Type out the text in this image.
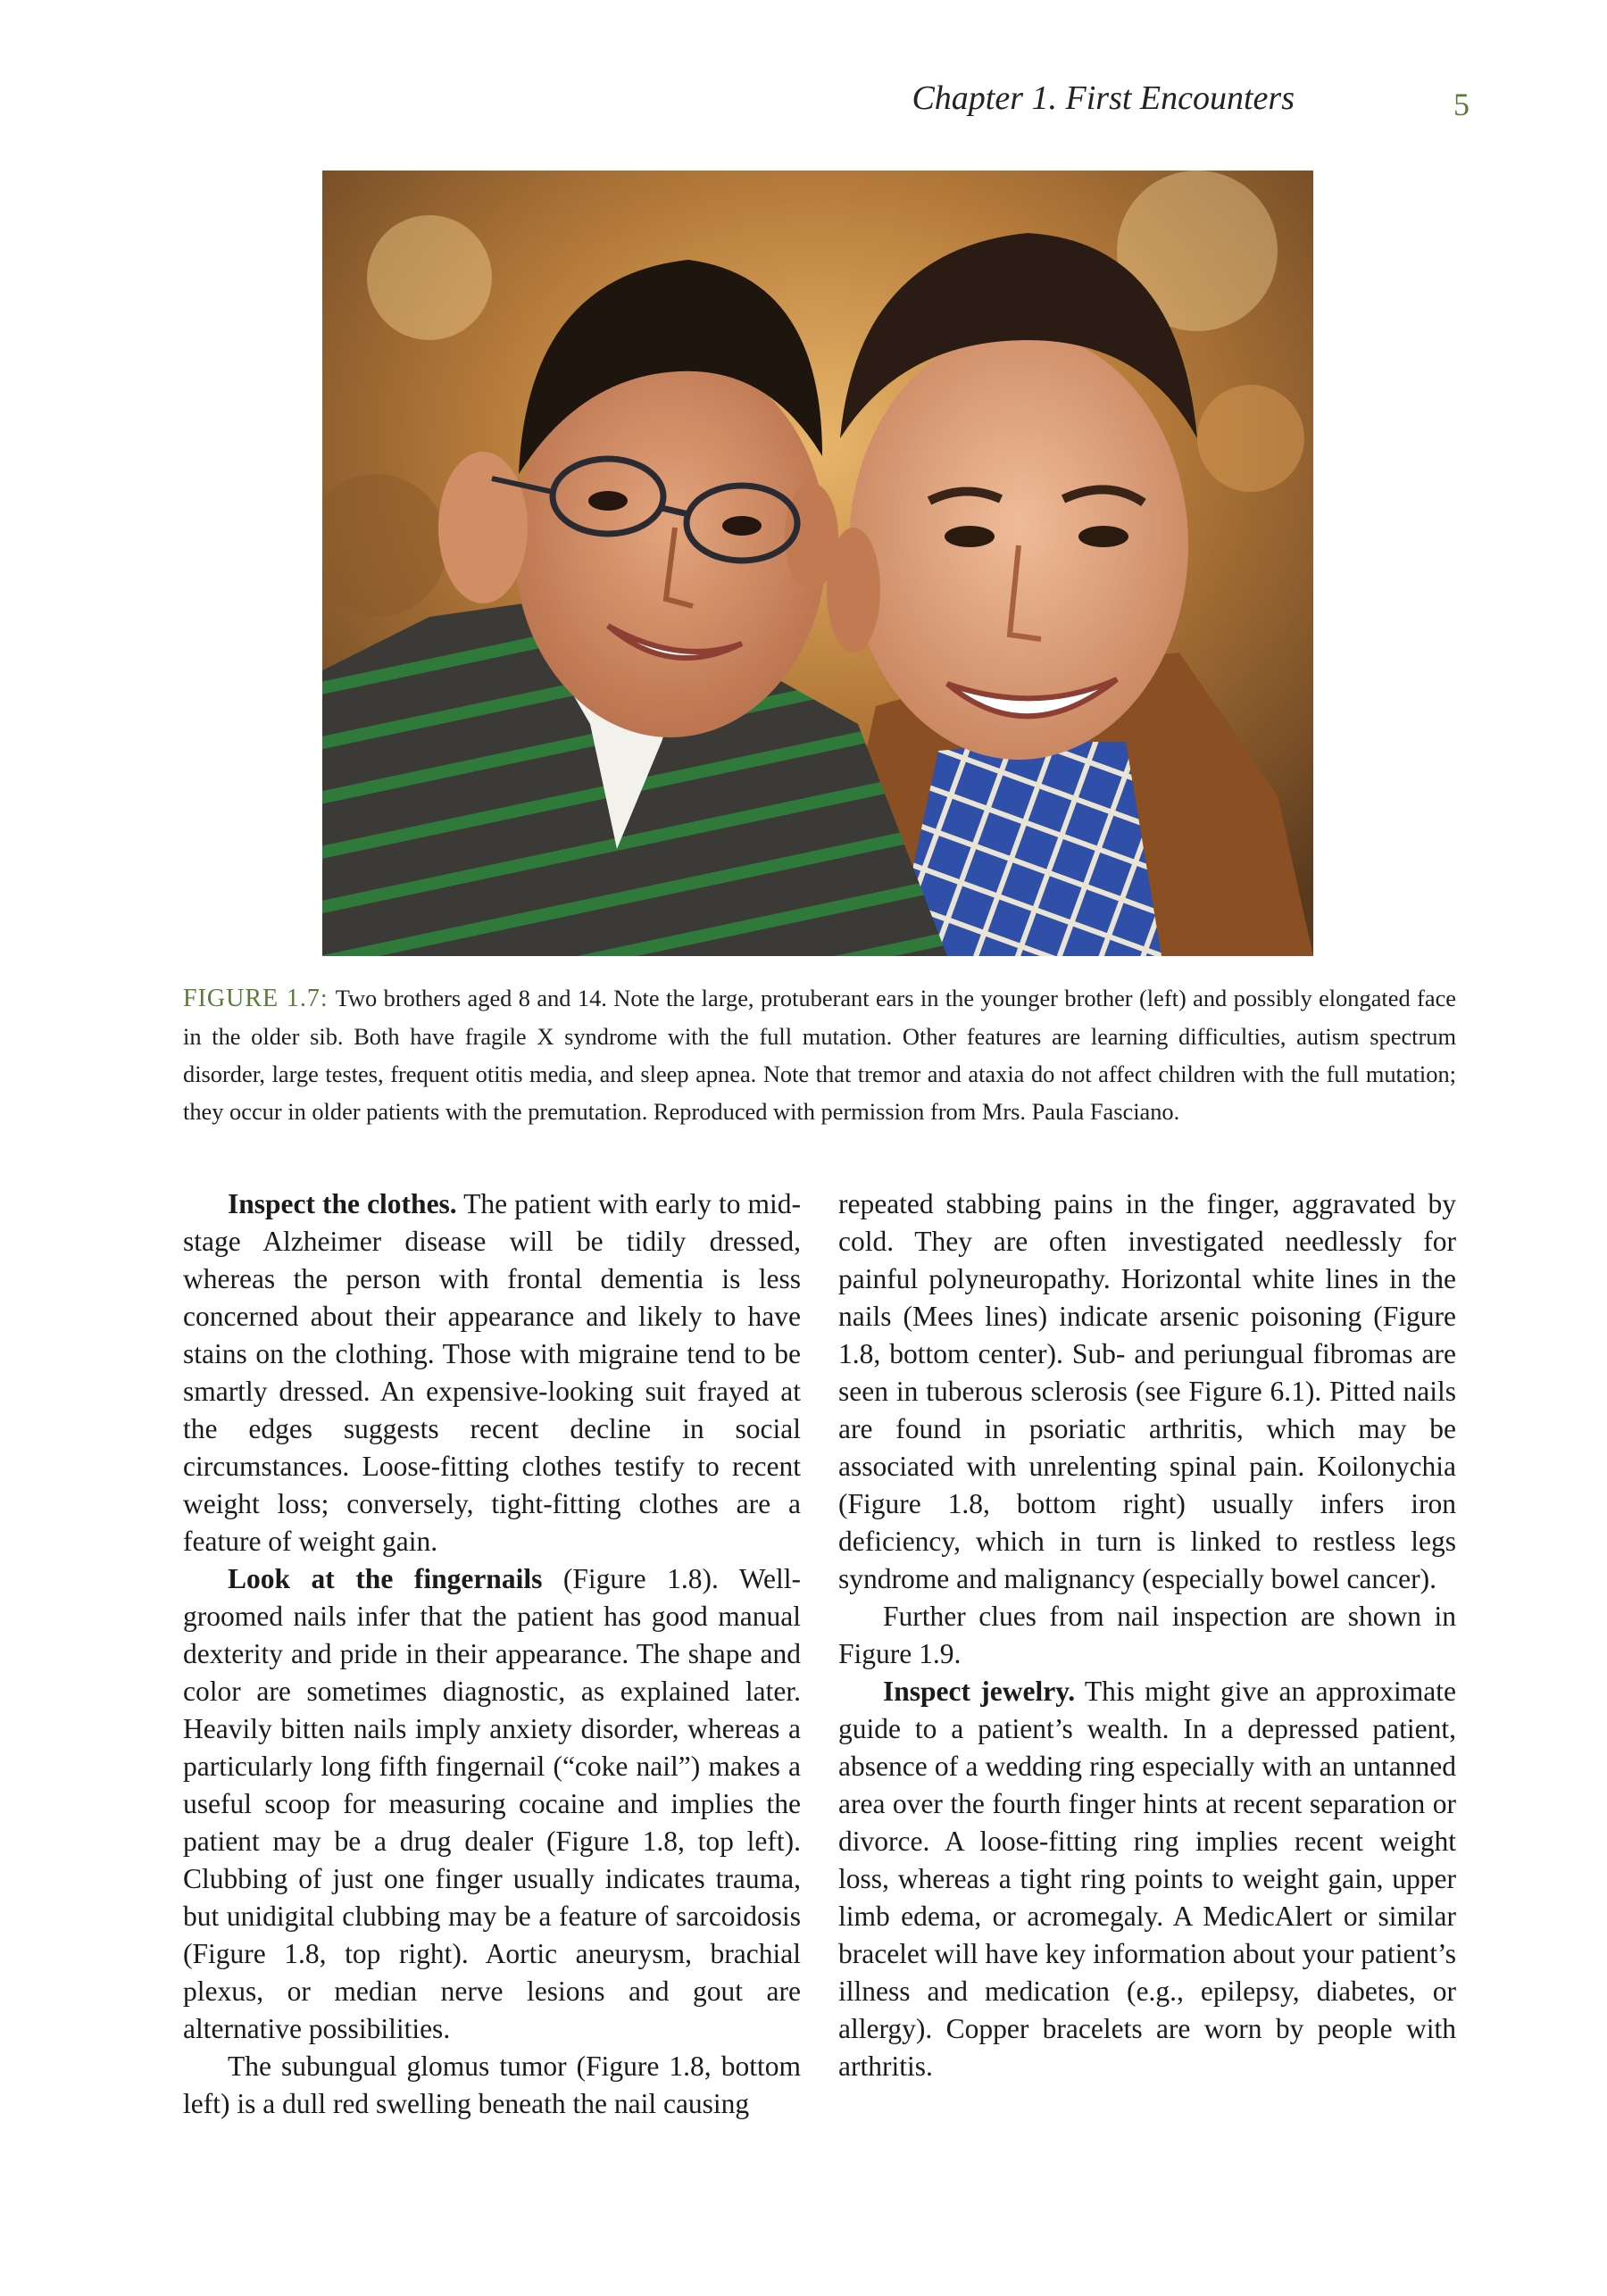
Chapter 1. First Encounters	5
FIGURE 1.7: Two brothers aged 8 and 14. Note the large, protuberant ears in the younger brother (left) and possibly elongated face in the older sib. Both have fragile X syndrome with the full mutation. Other features are learning difficulties, autism spectrum disorder, large testes, frequent otitis media, and sleep apnea. Note that tremor and ataxia do not affect children with the full mutation; they occur in older patients with the premutation. Reproduced with permission from Mrs. Paula Fasciano.

Inspect the clothes. The patient with early to mid-stage Alzheimer disease will be tidily dressed, whereas the person with frontal dementia is less concerned about their appearance and likely to have stains on the clothing. Those with migraine tend to be smartly dressed. An expensive-looking suit frayed at the edges suggests recent decline in social circumstances. Loose-fitting clothes testify to recent weight loss; conversely, tight-fitting clothes are a feature of weight gain.

Look at the fingernails (Figure 1.8). Well-groomed nails infer that the patient has good manual dexterity and pride in their appearance. The shape and color are sometimes diagnostic, as explained later. Heavily bitten nails imply anxiety disorder, whereas a particularly long fifth fingernail (“coke nail”) makes a useful scoop for measuring cocaine and implies the patient may be a drug dealer (Figure 1.8, top left). Clubbing of just one finger usually indicates trauma, but unidigital clubbing may be a feature of sarcoidosis (Figure 1.8, top right). Aortic aneurysm, brachial plexus, or median nerve lesions and gout are alternative possibilities.

The subungual glomus tumor (Figure 1.8, bottom left) is a dull red swelling beneath the nail causing

repeated stabbing pains in the finger, aggravated by cold. They are often investigated needlessly for painful polyneuropathy. Horizontal white lines in the nails (Mees lines) indicate arsenic poisoning (Figure 1.8, bottom center). Sub- and periungual fibromas are seen in tuberous sclerosis (see Figure 6.1). Pitted nails are found in psoriatic arthritis, which may be associated with unrelenting spinal pain. Koilonychia (Figure 1.8, bottom right) usually infers iron deficiency, which in turn is linked to restless legs syndrome and malignancy (especially bowel cancer).

Further clues from nail inspection are shown in Figure 1.9.

Inspect jewelry. This might give an approximate guide to a patient’s wealth. In a depressed patient, absence of a wedding ring especially with an untanned area over the fourth finger hints at recent separation or divorce. A loose-fitting ring implies recent weight loss, whereas a tight ring points to weight gain, upper limb edema, or acromegaly. A MedicAlert or similar bracelet will have key information about your patient’s illness and medication (e.g., epilepsy, diabetes, or allergy). Copper bracelets are worn by people with arthritis.
